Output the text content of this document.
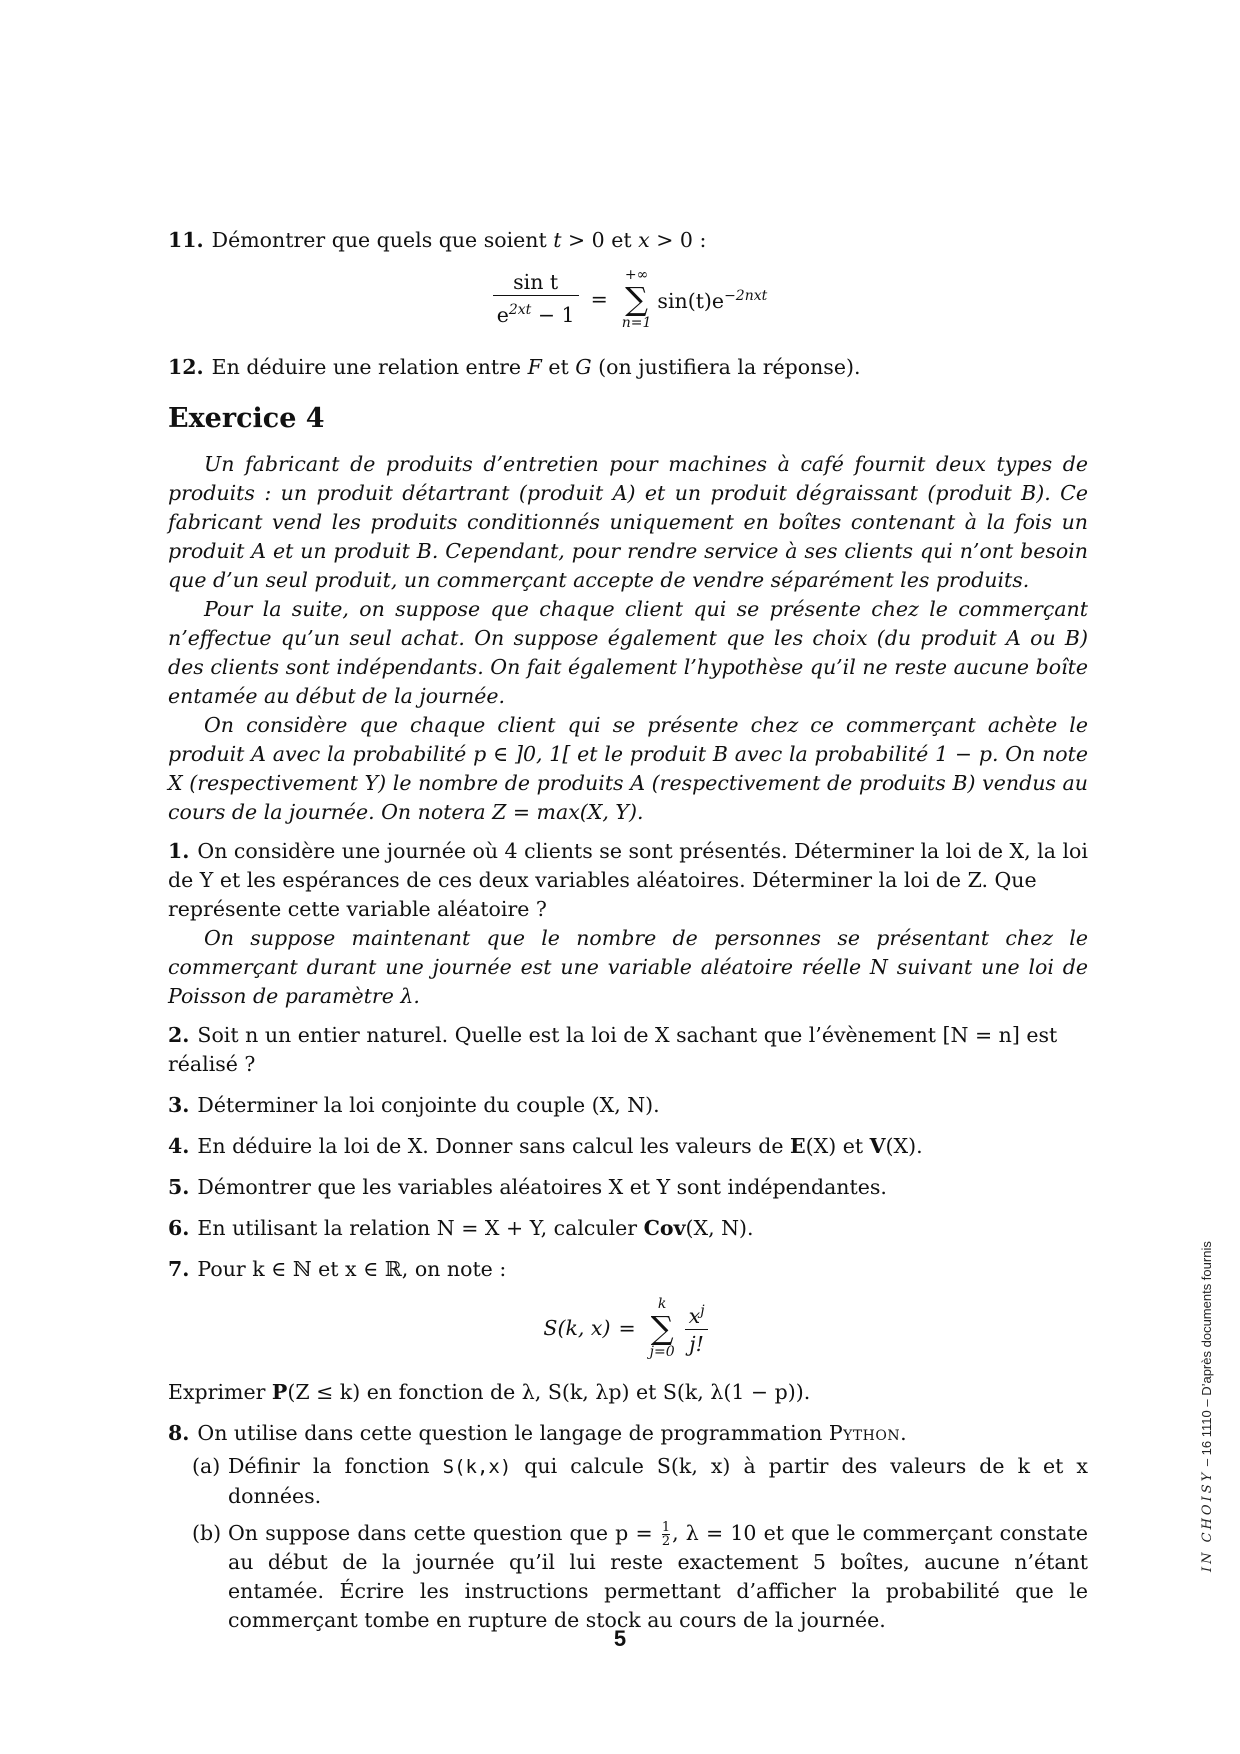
11. Démontrer que quels que soient t > 0 et x > 0 :

$\frac{\text{sin t}}{e^{2xt} - 1}$ =
+∞
∑
n=1
$\sin(t)e^{-2nxt}$

12. En déduire une relation entre F et G (on justifiera la réponse).

Exercice 4

Un fabricant de produits d’entretien pour machines à café fournit deux types de produits : un produit détartrant (produit A) et un produit dégraissant (produit B). Ce fabricant vend les produits conditionnés uniquement en boîtes contenant à la fois un produit A et un produit B. Cependant, pour rendre service à ses clients qui n’ont besoin que d’un seul produit, un commerçant accepte de vendre séparément les produits.

Pour la suite, on suppose que chaque client qui se présente chez le commerçant n’effectue qu’un seul achat. On suppose également que les choix (du produit A ou B) des clients sont indépendants. On fait également l’hypothèse qu’il ne reste aucune boîte entamée au début de la journée.

On considère que chaque client qui se présente chez ce commerçant achète le produit A avec la probabilité p ∈ ]0, 1[ et le produit B avec la probabilité 1 − p. On note X (respectivement Y) le nombre de produits A (respectivement de produits B) vendus au cours de la journée. On notera Z = max(X, Y).

1. On considère une journée où 4 clients se sont présentés. Déterminer la loi de X, la loi de Y et les espérances de ces deux variables aléatoires. Déterminer la loi de Z. Que représente cette variable aléatoire ?

On suppose maintenant que le nombre de personnes se présentant chez le commerçant durant une journée est une variable aléatoire réelle N suivant une loi de Poisson de paramètre λ.

2. Soit n un entier naturel. Quelle est la loi de X sachant que l’évènement [N = n] est réalisé ?

3. Déterminer la loi conjointe du couple (X, N).

4. En déduire la loi de X. Donner sans calcul les valeurs de E(X) et V(X).

5. Démontrer que les variables aléatoires X et Y sont indépendantes.

6. En utilisant la relation N = X + Y, calculer Cov(X, N).

7. Pour k ∈ ℕ et x ∈ ℝ, on note :

S(k, x) =
k
∑
$j=0 \frac{x^j}{j!}$

Exprimer P(Z ≤ k) en fonction de λ, S(k, λp) et S(k, λ(1 − p)).

8. On utilise dans cette question le langage de programmation Python.

(a) Définir la fonction S(k,x) qui calcule S(k, x) à partir des valeurs de k et x données.
(b) On suppose dans cette question que $p = \frac{1}{2}$ , λ = 10 et que le commerçant constate au début de la journée qu’il lui reste exactement 5 boîtes, aucune n’étant entamée. Écrire les instructions permettant d’afficher la probabilité que le commerçant tombe en rupture de stock au cours de la journée.
IN CHOISY – 16 1110 – D’après documents fournis
5
